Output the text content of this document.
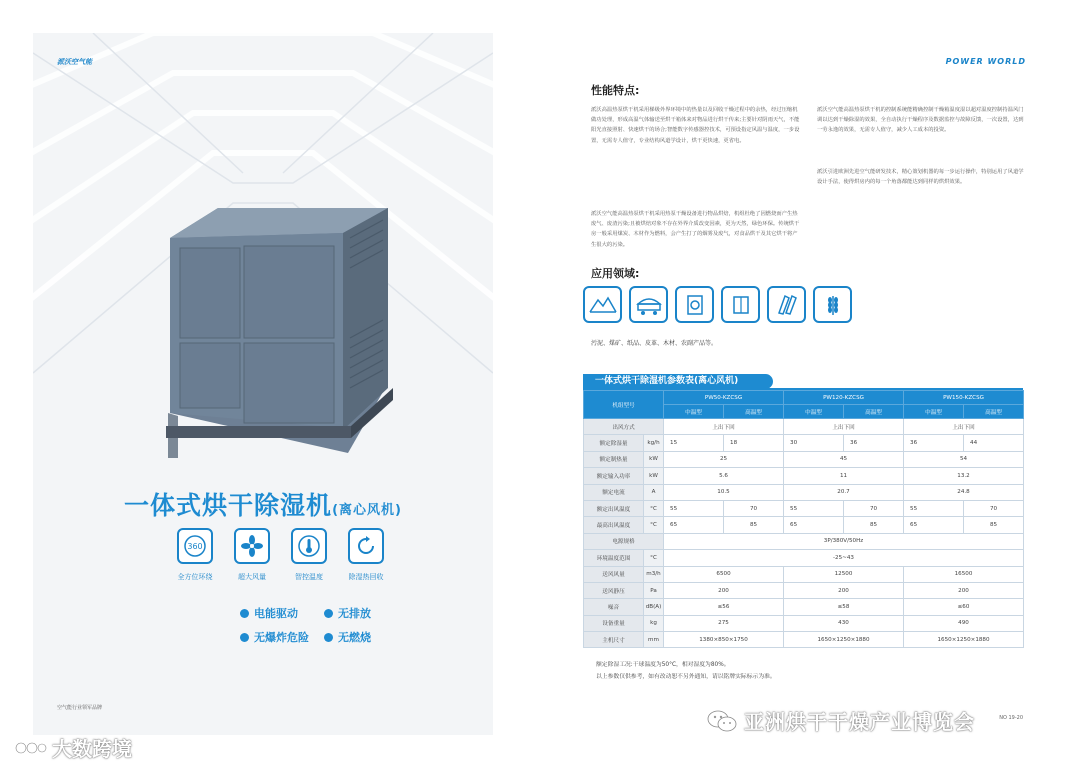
派沃空气能
一体式烘干除湿机(离心风机)
360
全方位环绕	超大风量	智控温度	除湿热回收
电能驱动	无排放
无爆炸危险	无燃烧
空气能行业领军品牌
POWER WORLD
性能特点:
派沃高温热泵烘干机采用梯级外界环境中的热量以及回收干燥过程中的余热，经过压缩机做功处理，形成高温气体输送至烘干箱体来对物品进行烘干传来;主要针对阴雨天气，不能阳光直接照射、快速烘干的场合;智能数字传感器控技术，可预设指定风温与温度，一步设置，无需专人值守，专业结构风道学设计，烘干更快速，更省电。
派沃空气能高温热泵烘干机采用热泵干燥设备进行物品烘焙，机组杜绝了因燃烧而产生热废气、废渣污染;且被烘焙对象不存在外界介质改变因素，更为天然，绿色环保。传统烘干房一般采用煤炭、木材作为燃料，会产生打了的烟雾及废气，对食品烘干及其它烘干将产生很大的污染。
派沃空气能高温热泵烘干机的控制系统能精确控制干燥箱温度湿以超对温度控制持温风门调以达到干燥除湿的效果，全自动执行干燥程序及数据监控与故障反馈，一次设置，达到一劳永逸的效果，无需专人值守，减少人工成本的投资。
派沃引进欧洲先进空气能研发技术，精心策划机器的每一步运行操作，特别运用了风道学设计手法，使得烘房内的每一个角落都能达到同样的烘烘效果。
应用领域:
污泥、煤矿、纸品、皮革、木材、农副产品等。
一体式烘干除湿机参数表(离心风机)
机组型号		PW50-KZCSG		PW120-KZCSG		PW150-KZCSG	
		中温型	高温型	中温型	高温型	中温型	高温型
出风方式		上出下回		上出下回		上出下回	
额定除湿量	kg/h	15	18	30	36	36	44
额定制热量	kW	25		45		54	
额定输入功率	kW	5.6		11		13.2	
额定电流	A	10.5		20.7		24.8	
额定出风温度	°C	55	70	55	70	55	70
最高出风温度	°C	65	85	65	85	65	85
电源规格		3P/380V/50Hz					
环境温度范围	°C	-25~43					
送风风量	m3/h	6500		12500		16500	
送风静压	Pa	200		200		200	
噪音	dB(A)	≤56		≤58		≤60	
设备重量	kg	275		430		490	
主机尺寸	mm	1380×850×1750		1650×1250×1880		1650×1250×1880	
额定除湿工况:干球温度为50°C，相对湿度为80%。
以上参数仅供参考，如有改动恕不另外通知，请以铭牌实际标示为准。
NO 19-20
大数跨境
亚洲烘干干燥产业博览会
